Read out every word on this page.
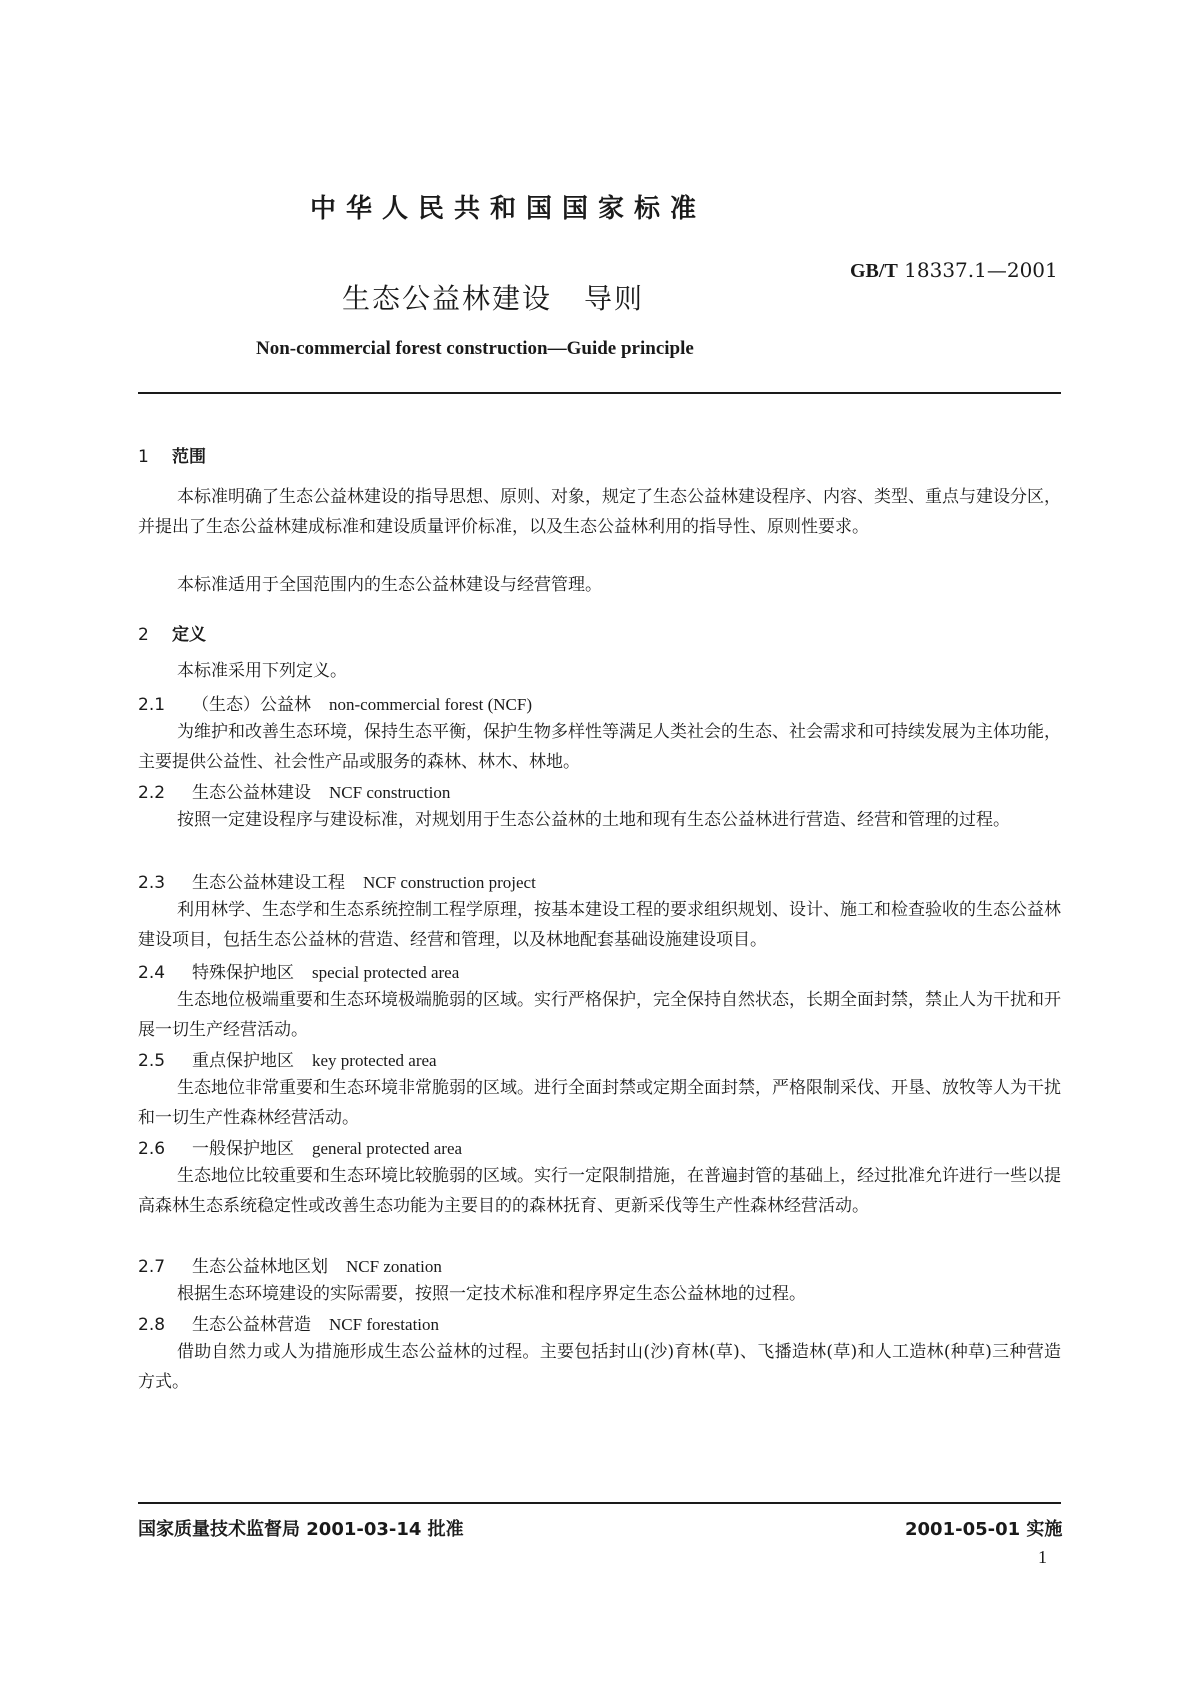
中华人民共和国国家标准
GB/T 18337.1—2001
生态公益林建设 导则
Non-commercial forest construction—Guide principle
1 范围

本标准明确了生态公益林建设的指导思想、原则、对象，规定了生态公益林建设程序、内容、类型、重点与建设分区，并提出了生态公益林建成标准和建设质量评价标准，以及生态公益林利用的指导性、原则性要求。

本标准适用于全国范围内的生态公益林建设与经营管理。

2 定义

本标准采用下列定义。

2.1 （生态）公益林 non-commercial forest (NCF)

为维护和改善生态环境，保持生态平衡，保护生物多样性等满足人类社会的生态、社会需求和可持续发展为主体功能，主要提供公益性、社会性产品或服务的森林、林木、林地。

2.2 生态公益林建设 NCF construction

按照一定建设程序与建设标准，对规划用于生态公益林的土地和现有生态公益林进行营造、经营和管理的过程。

2.3 生态公益林建设工程 NCF construction project

利用林学、生态学和生态系统控制工程学原理，按基本建设工程的要求组织规划、设计、施工和检查验收的生态公益林建设项目，包括生态公益林的营造、经营和管理，以及林地配套基础设施建设项目。

2.4 特殊保护地区 special protected area

生态地位极端重要和生态环境极端脆弱的区域。实行严格保护，完全保持自然状态，长期全面封禁，禁止人为干扰和开展一切生产经营活动。

2.5 重点保护地区 key protected area

生态地位非常重要和生态环境非常脆弱的区域。进行全面封禁或定期全面封禁，严格限制采伐、开垦、放牧等人为干扰和一切生产性森林经营活动。

2.6 一般保护地区 general protected area

生态地位比较重要和生态环境比较脆弱的区域。实行一定限制措施，在普遍封管的基础上，经过批准允许进行一些以提高森林生态系统稳定性或改善生态功能为主要目的的森林抚育、更新采伐等生产性森林经营活动。

2.7 生态公益林地区划 NCF zonation

根据生态环境建设的实际需要，按照一定技术标准和程序界定生态公益林地的过程。

2.8 生态公益林营造 NCF forestation

借助自然力或人为措施形成生态公益林的过程。主要包括封山(沙)育林(草)、飞播造林(草)和人工造林(种草)三种营造方式。

国家质量技术监督局 2001-03-14 批准	2001-05-01 实施
1
